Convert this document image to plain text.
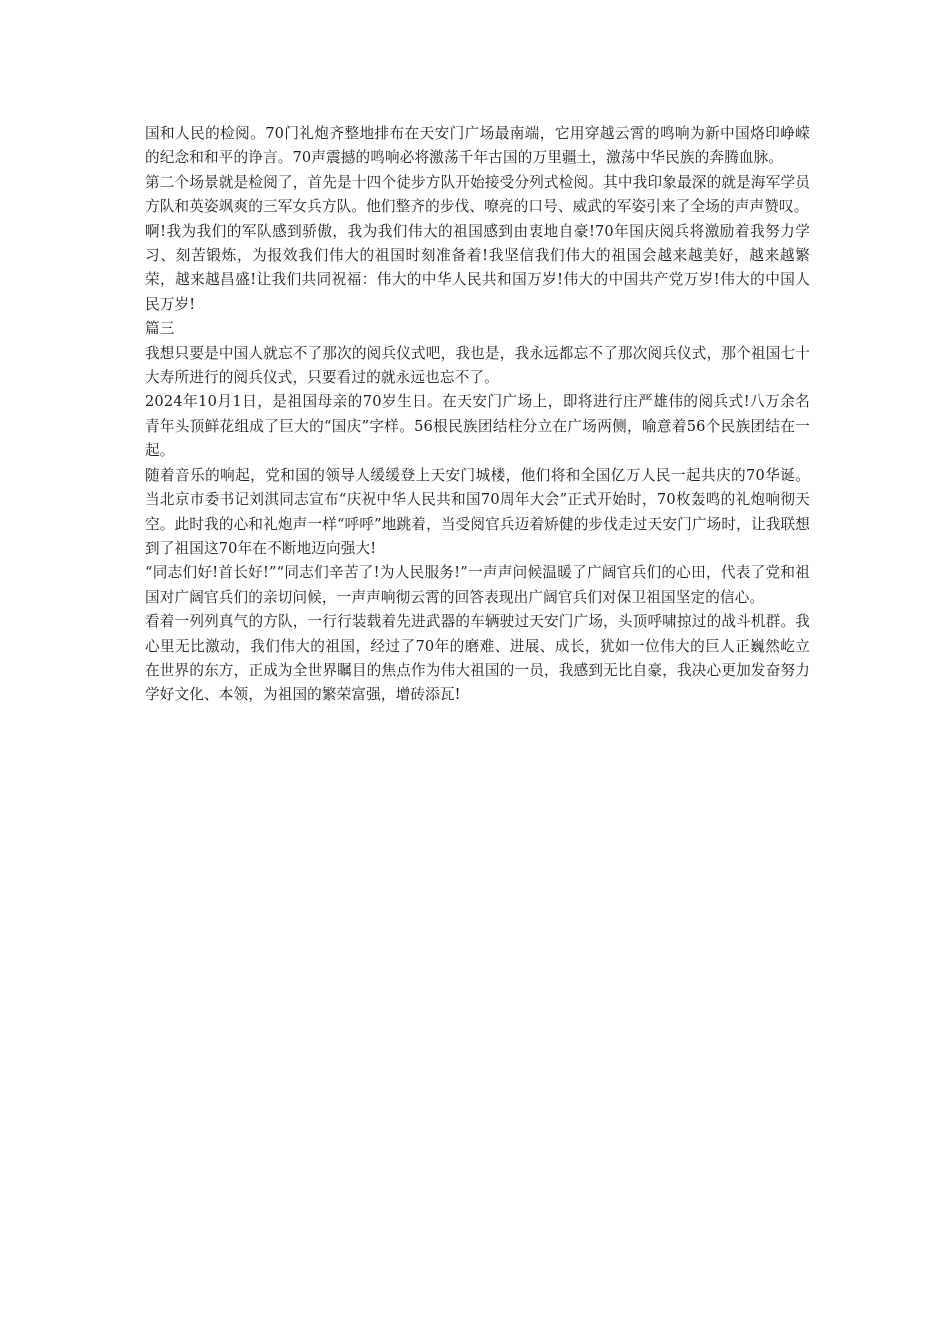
国和人民的检阅。70门礼炮齐整地排布在天安门广场最南端，它用穿越云霄的鸣响为新中国烙印峥嵘的纪念和和平的诤言。70声震撼的鸣响必将激荡千年古国的万里疆土，激荡中华民族的奔腾血脉。

第二个场景就是检阅了，首先是十四个徒步方队开始接受分列式检阅。其中我印象最深的就是海军学员方队和英姿飒爽的三军女兵方队。他们整齐的步伐、嘹亮的口号、威武的军姿引来了全场的声声赞叹。

啊!我为我们的军队感到骄傲，我为我们伟大的祖国感到由衷地自豪!70年国庆阅兵将激励着我努力学习、刻苦锻炼，为报效我们伟大的祖国时刻准备着!我坚信我们伟大的祖国会越来越美好，越来越繁荣，越来越昌盛!让我们共同祝福：伟大的中华人民共和国万岁!伟大的中国共产党万岁!伟大的中国人民万岁!

篇三

我想只要是中国人就忘不了那次的阅兵仪式吧，我也是，我永远都忘不了那次阅兵仪式，那个祖国七十大寿所进行的阅兵仪式，只要看过的就永远也忘不了。

2024年10月1日，是祖国母亲的70岁生日。在天安门广场上，即将进行庄严雄伟的阅兵式!八万余名青年头顶鲜花组成了巨大的“国庆”字样。56根民族团结柱分立在广场两侧，喻意着56个民族团结在一起。

随着音乐的响起，党和国的领导人缓缓登上天安门城楼，他们将和全国亿万人民一起共庆的70华诞。当北京市委书记刘淇同志宣布“庆祝中华人民共和国70周年大会”正式开始时，70枚轰鸣的礼炮响彻天空。此时我的心和礼炮声一样“呼呼”地跳着，当受阅官兵迈着矫健的步伐走过天安门广场时，让我联想到了祖国这70年在不断地迈向强大!

“同志们好!首长好!”“同志们辛苦了!为人民服务!”一声声问候温暖了广阔官兵们的心田，代表了党和祖国对广阔官兵们的亲切问候，一声声响彻云霄的回答表现出广阔官兵们对保卫祖国坚定的信心。

看着一列列真气的方队，一行行装载着先进武器的车辆驶过天安门广场，头顶呼啸掠过的战斗机群。我心里无比激动，我们伟大的祖国，经过了70年的磨难、进展、成长，犹如一位伟大的巨人正巍然屹立在世界的东方，正成为全世界瞩目的焦点作为伟大祖国的一员，我感到无比自豪，我决心更加发奋努力学好文化、本领，为祖国的繁荣富强，增砖添瓦!
